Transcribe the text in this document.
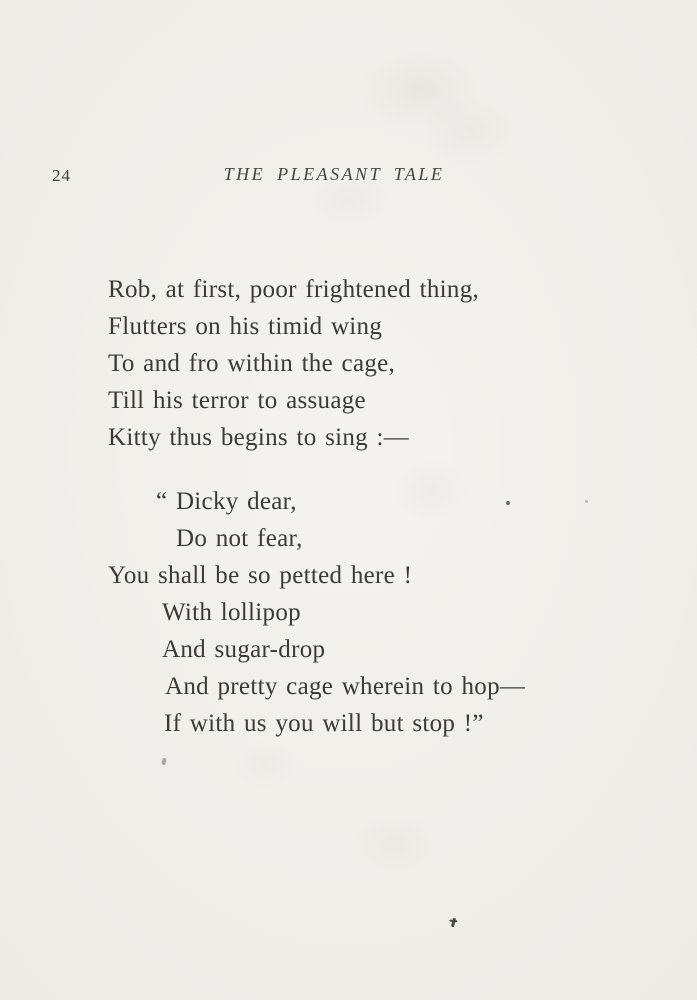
24	THE PLEASANT TALE
Rob, at first, poor frightened thing,
Flutters on his timid wing
To and fro within the cage,
Till his terror to assuage
Kitty thus begins to sing :—
“ Dicky dear,
Do not fear,
You shall be so petted here !
With lollipop
And sugar-drop
And pretty cage wherein to hop—
If with us you will but stop !”
